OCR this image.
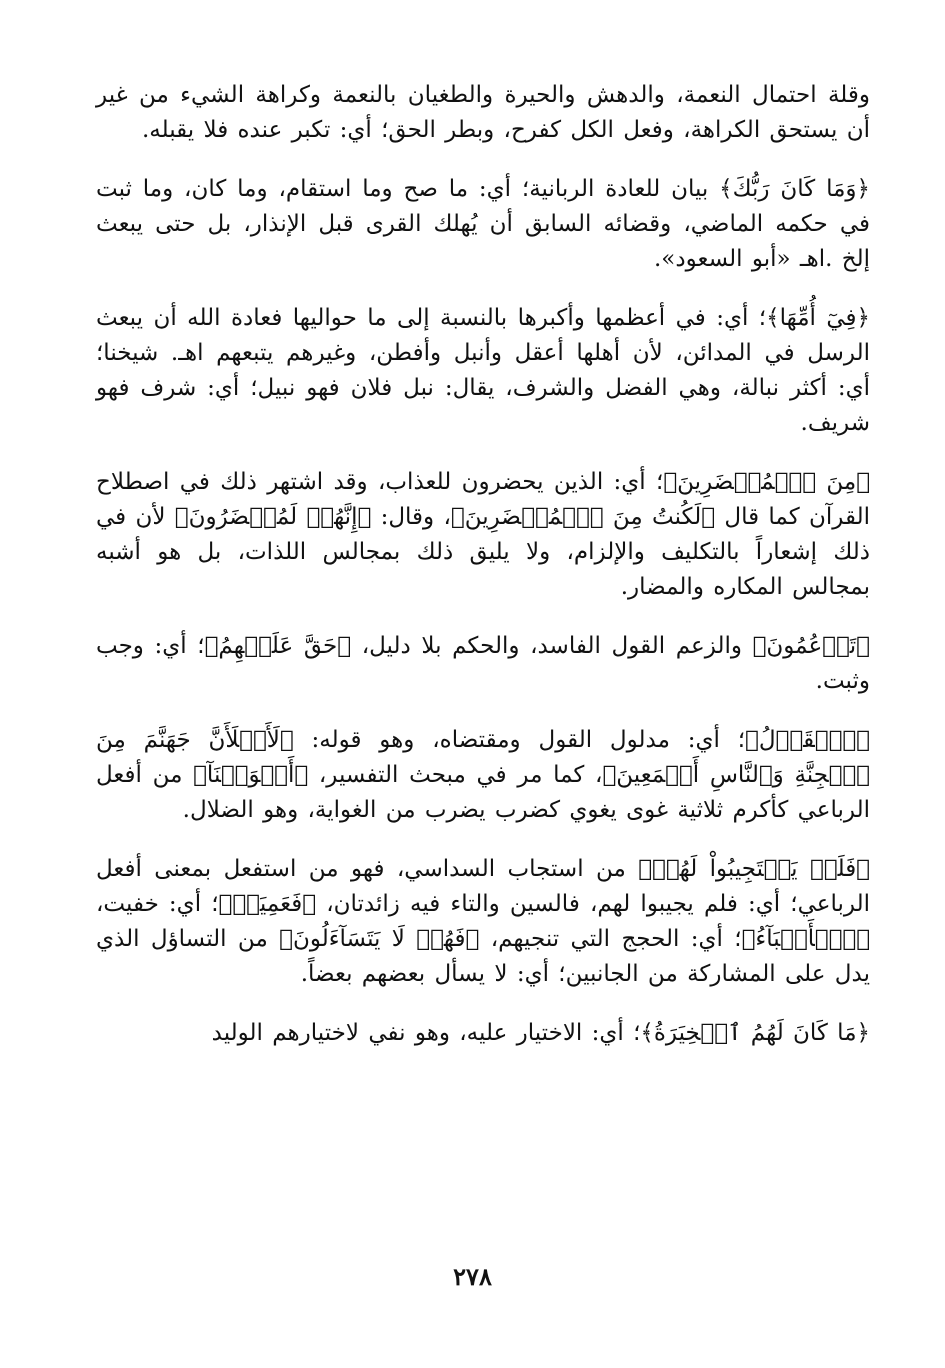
وقلة احتمال النعمة، والدهش والحيرة والطغيان بالنعمة وكراهة الشيء من غير أن يستحق الكراهة، وفعل الكل كفرح، وبطر الحق؛ أي: تكبر عنده فلا يقبله.

﴿وَمَا كَانَ رَبُّكَ﴾ بيان للعادة الربانية؛ أي: ما صح وما استقام، وما كان، وما ثبت في حكمه الماضي، وقضائه السابق أن يُهلك القرى قبل الإنذار، بل حتى يبعث إلخ .اهـ «أبو السعود».

﴿فِيٓ أُمِّهَا﴾؛ أي: في أعظمها وأكبرها بالنسبة إلى ما حواليها فعادة الله أن يبعث الرسل في المدائن، لأن أهلها أعقل وأنبل وأفطن، وغيرهم يتبعهم اهـ. شيخنا؛ أي: أكثر نبالة، وهي الفضل والشرف، يقال: نبل فلان فهو نبيل؛ أي: شرف فهو شريف.

﴿مِنَ ٱلۡمُحۡضَرِينَ﴾؛ أي: الذين يحضرون للعذاب، وقد اشتهر ذلك في اصطلاح القرآن كما قال ﴿لَكُنتُ مِنَ ٱلۡمُحۡضَرِينَ﴾، وقال: ﴿إِنَّهُمۡ لَمُحۡضَرُونَ﴾ لأن في ذلك إشعاراً بالتكليف والإلزام، ولا يليق ذلك بمجالس اللذات، بل هو أشبه بمجالس المكاره والمضار.

﴿تَزۡعُمُونَ﴾ والزعم القول الفاسد، والحكم بلا دليل، ﴿حَقَّ عَلَيۡهِمُ﴾؛ أي: وجب وثبت.

﴿ٱلۡقَوۡلُ﴾؛ أي: مدلول القول ومقتضاه، وهو قوله: ﴿لَأَمۡلَأَنَّ جَهَنَّمَ مِنَ ٱلۡجِنَّةِ وَٱلنَّاسِ أَجۡمَعِينَ﴾، كما مر في مبحث التفسير، ﴿أَغۡوَيۡنَآ﴾ من أفعل الرباعي كأكرم ثلاثية غوى يغوي كضرب يضرب من الغواية، وهو الضلال.

﴿فَلَمۡ يَسۡتَجِيبُواْ لَهُمۡ﴾ من استجاب السداسي، فهو من استفعل بمعنى أفعل الرباعي؛ أي: فلم يجيبوا لهم، فالسين والتاء فيه زائدتان، ﴿فَعَمِيَتۡ﴾؛ أي: خفيت، ﴿ٱلۡأَنۢبَآءُ﴾؛ أي: الحجج التي تنجيهم، ﴿فَهُمۡ لَا يَتَسَآءَلُونَ﴾ من التساؤل الذي يدل على المشاركة من الجانبين؛ أي: لا يسأل بعضهم بعضاً.

﴿مَا كَانَ لَهُمُ ٱلۡخِيَرَةُ﴾؛ أي: الاختيار عليه، وهو نفي لاختيارهم الوليد

٢٧٨
